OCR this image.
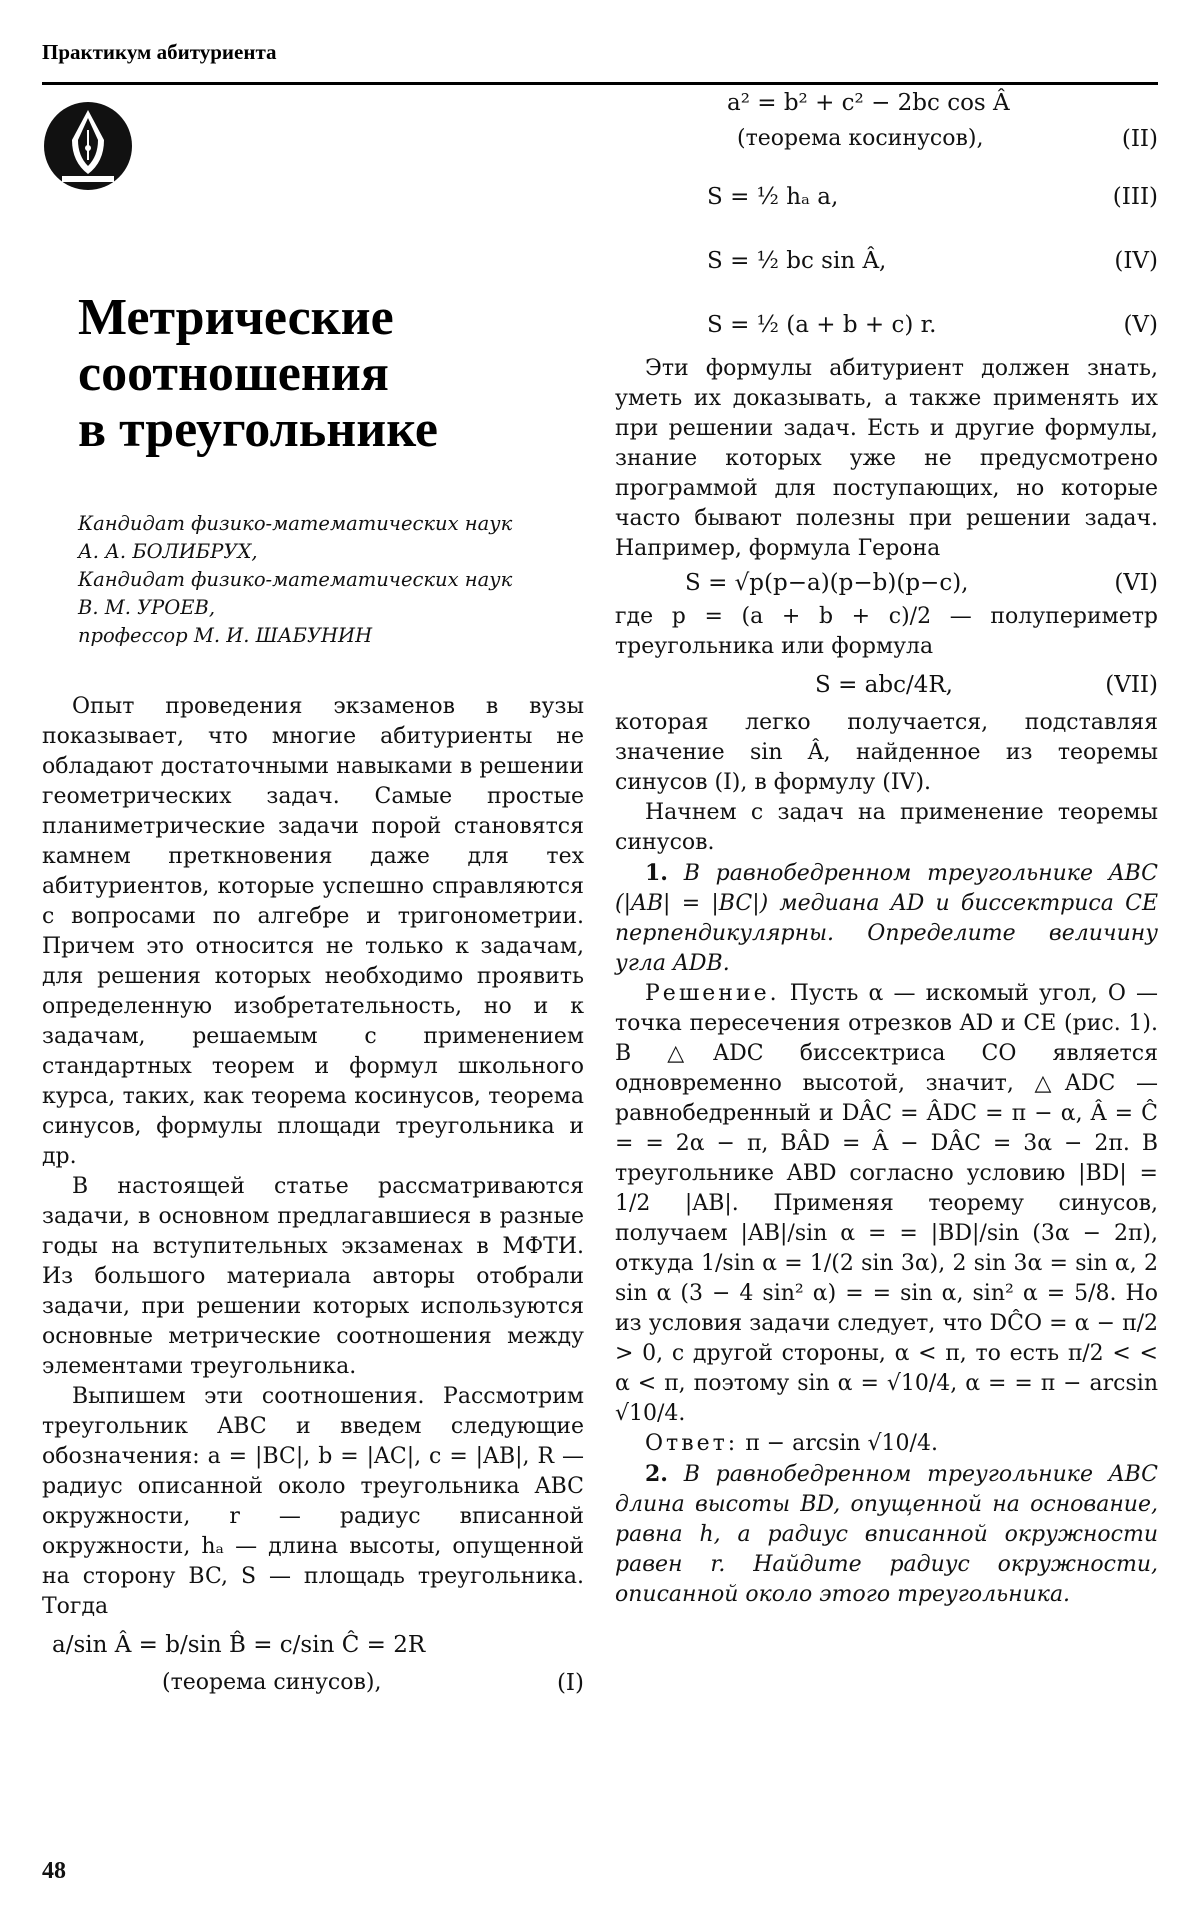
Практикум абитуриента
Метрические
соотношения
в треугольнике
Кандидат физико-математических наук
А. А. БОЛИБРУХ,
Кандидат физико-математических наук
В. М. УРОЕВ,
профессор М. И. ШАБУНИН

Опыт проведения экзаменов в вузы показывает, что многие абитуриенты не обладают достаточными навыками в решении геометрических задач. Самые простые планиметрические задачи порой становятся камнем преткновения даже для тех абитуриентов, которые успешно справляются с вопросами по алгебре и тригонометрии. Причем это относится не только к задачам, для решения которых необходимо проявить определенную изобретательность, но и к задачам, решаемым с применением стандартных теорем и формул школьного курса, таких, как теорема косинусов, теорема синусов, формулы площади треугольника и др.

В настоящей статье рассматриваются задачи, в основном предлагавшиеся в разные годы на вступительных экзаменах в МФТИ. Из большого материала авторы отобрали задачи, при решении которых используются основные метрические соотношения между элементами треугольника.

Выпишем эти соотношения. Рассмотрим треугольник ABC и введем следующие обозначения: a = |BC|, b = |AC|, c = |AB|, R — радиус описанной около треугольника ABC окружности, r — радиус вписанной окружности, hₐ — длина высоты, опущенной на сторону BC, S — площадь треугольника. Тогда

a/sin Â = b/sin B̂ = c/sin Ĉ = 2R
(теорема синусов),	(I)
a² = b² + c² − 2bc cos Â
(теорема косинусов),	(II)
S = ½ hₐ a,	(III)
S = ½ bc sin Â,	(IV)
S = ½ (a + b + c) r.	(V)

Эти формулы абитуриент должен знать, уметь их доказывать, а также применять их при решении задач. Есть и другие формулы, знание которых уже не предусмотрено программой для поступающих, но которые часто бывают полезны при решении задач. Например, формула Герона

S = √p(p−a)(p−b)(p−c),	(VI)

где p = (a + b + c)/2 — полупериметр треугольника или формула

S = abc/4R,	(VII)

которая легко получается, подставляя значение sin Â, найденное из теоремы синусов (I), в формулу (IV).

Начнем с задач на применение теоремы синусов.

1. В равнобедренном треугольнике ABC (|AB| = |BC|) медиана AD и биссектриса CE перпендикулярны. Определите величину угла ADB.

Решение. Пусть α — искомый угол, O — точка пересечения отрезков AD и CE (рис. 1). В △ADC биссектриса CO является одновременно высотой, значит, △ADC — равнобедренный и DÂC = ÂDC = π − α, Â = Ĉ = = 2α − π, BÂD = Â − DÂC = 3α − 2π. В треугольнике ABD согласно условию |BD| = 1/2 |AB|. Применяя теорему синусов, получаем |AB|/sin α = = |BD|/sin (3α − 2π), откуда 1/sin α = 1/(2 sin 3α), 2 sin 3α = sin α, 2 sin α (3 − 4 sin² α) = = sin α, sin² α = 5/8. Но из условия задачи следует, что DĈO = α − π/2 > 0, с другой стороны, α < π, то есть π/2 < < α < π, поэтому sin α = √10/4, α = = π − arcsin √10/4.

Ответ: π − arcsin √10/4.

2. В равнобедренном треугольнике ABC длина высоты BD, опущенной на основание, равна h, а радиус вписанной окружности равен r. Найдите радиус окружности, описанной около этого треугольника.

48
